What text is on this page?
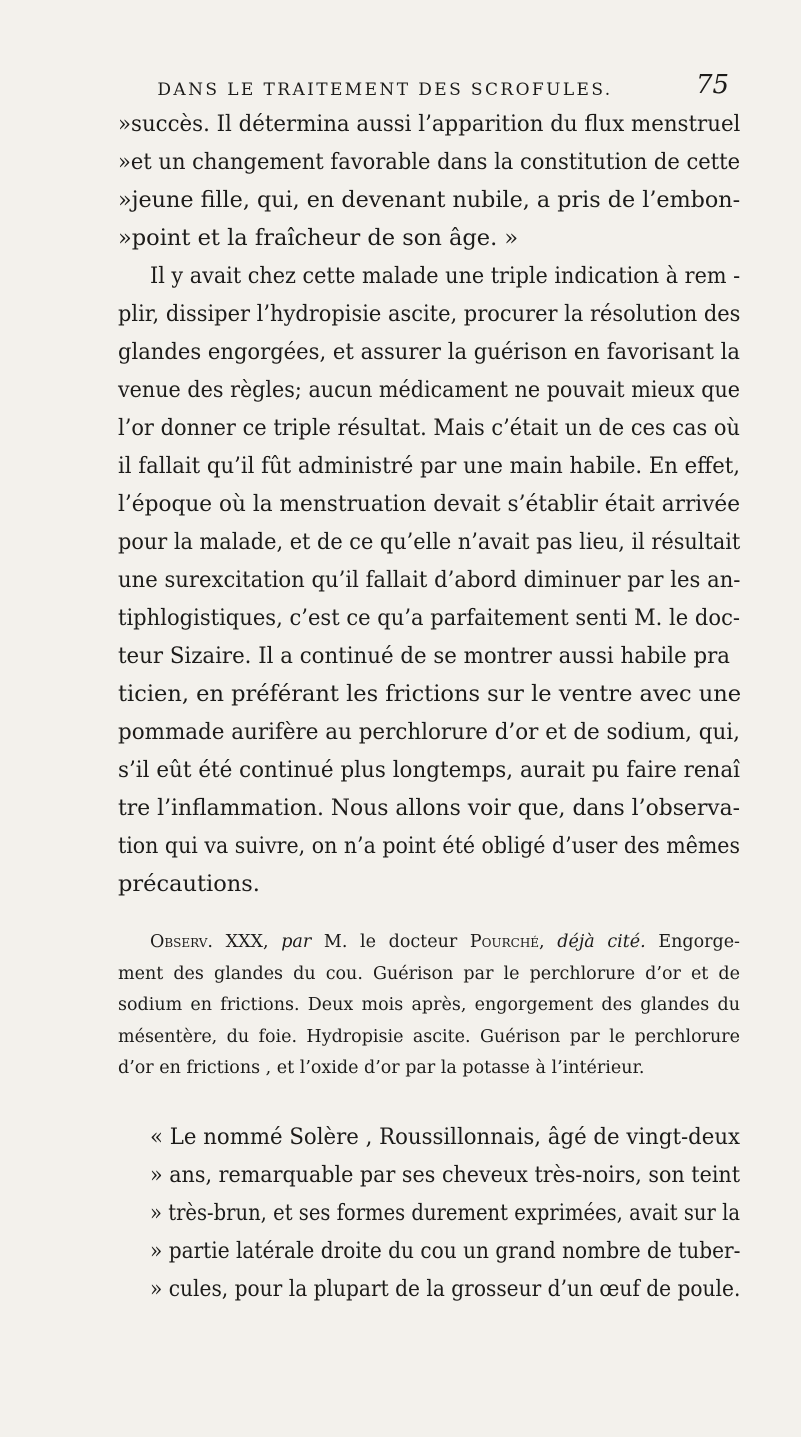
DANS LE TRAITEMENT DES SCROFULES.	75
»succès. Il détermina aussi l’apparition du flux menstruel
»et un changement favorable dans la constitution de cette
»jeune fille, qui, en devenant nubile, a pris de l’embon-
»point et la fraîcheur de son âge. »
Il y avait chez cette malade une triple indication à rem -
plir, dissiper l’hydropisie ascite, procurer la résolution des
glandes engorgées, et assurer la guérison en favorisant la
venue des règles; aucun médicament ne pouvait mieux que
l’or donner ce triple résultat. Mais c’était un de ces cas où
il fallait qu’il fût administré par une main habile. En effet,
l’époque où la menstruation devait s’établir était arrivée
pour la malade, et de ce qu’elle n’avait pas lieu, il résultait
une surexcitation qu’il fallait d’abord diminuer par les an-
tiphlogistiques, c’est ce qu’a parfaitement senti M. le doc-
teur Sizaire. Il a continué de se montrer aussi habile pra
ticien, en préférant les frictions sur le ventre avec une
pommade aurifère au perchlorure d’or et de sodium, qui,
s’il eût été continué plus longtemps, aurait pu faire renaî
tre l’inflammation. Nous allons voir que, dans l’observa-
tion qui va suivre, on n’a point été obligé d’user des mêmes
précautions.
Observ. XXX, par M. le docteur Pourché, déjà cité. Engorge-
ment des glandes du cou. Guérison par le perchlorure d’or et de
sodium en frictions. Deux mois après, engorgement des glandes du
mésentère, du foie. Hydropisie ascite. Guérison par le perchlorure
d’or en frictions , et l’oxide d’or par la potasse à l’intérieur.
« Le nommé Solère , Roussillonnais, âgé de vingt-deux
» ans, remarquable par ses cheveux très-noirs, son teint
» très-brun, et ses formes durement exprimées, avait sur la
» partie latérale droite du cou un grand nombre de tuber-
» cules, pour la plupart de la grosseur d’un œuf de poule.
